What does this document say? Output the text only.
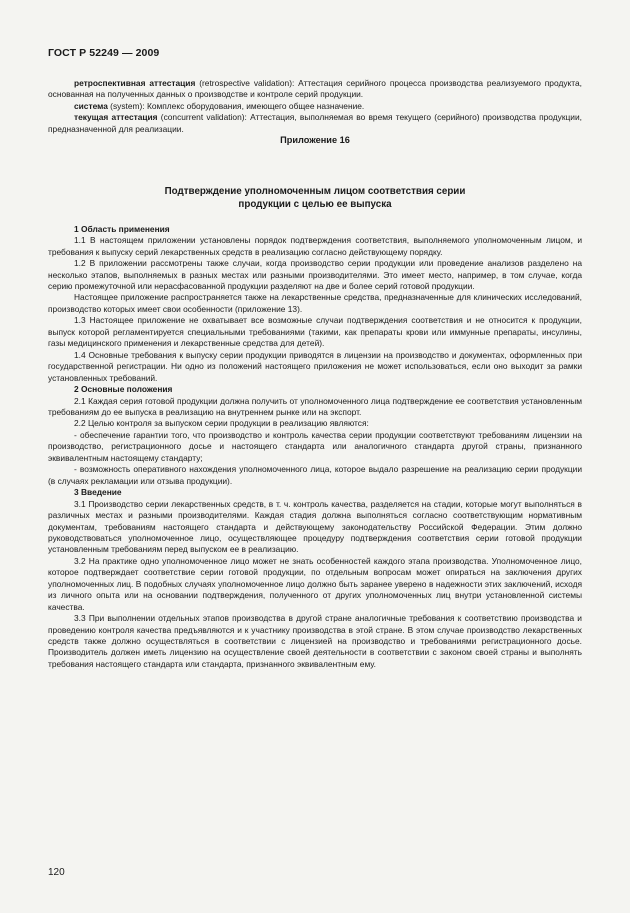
ГОСТ Р 52249 — 2009

ретроспективная аттестация (retrospective validation): Аттестация серийного процесса производства реализуемого продукта, основанная на полученных данных о производстве и контроле серий продукции.

система (system): Комплекс оборудования, имеющего общее назначение.

текущая аттестация (concurrent validation): Аттестация, выполняемая во время текущего (серийного) производства продукции, предназначенной для реализации.

Приложение 16

Подтверждение уполномоченным лицом соответствия серии
продукции с целью ее выпуска

1 Область применения

1.1 В настоящем приложении установлены порядок подтверждения соответствия, выполняемого уполномоченным лицом, и требования к выпуску серий лекарственных средств в реализацию согласно действующему порядку.

1.2 В приложении рассмотрены также случаи, когда производство серии продукции или проведение анализов разделено на несколько этапов, выполняемых в разных местах или разными производителями. Это имеет место, например, в том случае, когда серию промежуточной или нерасфасованной продукции разделяют на две и более серий готовой продукции.

Настоящее приложение распространяется также на лекарственные средства, предназначенные для клинических исследований, производство которых имеет свои особенности (приложение 13).

1.3 Настоящее приложение не охватывает все возможные случаи подтверждения соответствия и не относится к продукции, выпуск которой регламентируется специальными требованиями (такими, как препараты крови или иммунные препараты, инсулины, газы медицинского применения и лекарственные средства для детей).

1.4 Основные требования к выпуску серии продукции приводятся в лицензии на производство и документах, оформленных при государственной регистрации. Ни одно из положений настоящего приложения не может использоваться, если оно выходит за рамки установленных требований.

2 Основные положения

2.1 Каждая серия готовой продукции должна получить от уполномоченного лица подтверждение ее соответствия установленным требованиям до ее выпуска в реализацию на внутреннем рынке или на экспорт.

2.2 Целью контроля за выпуском серии продукции в реализацию являются:

- обеспечение гарантии того, что производство и контроль качества серии продукции соответствуют требованиям лицензии на производство, регистрационного досье и настоящего стандарта или аналогичного стандарта другой страны, признанного эквивалентным настоящему стандарту;

- возможность оперативного нахождения уполномоченного лица, которое выдало разрешение на реализацию серии продукции (в случаях рекламации или отзыва продукции).

3 Введение

3.1 Производство серии лекарственных средств, в т. ч. контроль качества, разделяется на стадии, которые могут выполняться в различных местах и разными производителями. Каждая стадия должна выполняться согласно соответствующим нормативным документам, требованиям настоящего стандарта и действующему законодательству Российской Федерации. Этим должно руководствоваться уполномоченное лицо, осуществляющее процедуру подтверждения соответствия серии готовой продукции установленным требованиям перед выпуском ее в реализацию.

3.2 На практике одно уполномоченное лицо может не знать особенностей каждого этапа производства. Уполномоченное лицо, которое подтверждает соответствие серии готовой продукции, по отдельным вопросам может опираться на заключения других уполномоченных лиц. В подобных случаях уполномоченное лицо должно быть заранее уверено в надежности этих заключений, исходя из личного опыта или на основании подтверждения, полученного от других уполномоченных лиц внутри установленной системы качества.

3.3 При выполнении отдельных этапов производства в другой стране аналогичные требования к соответствию производства и проведению контроля качества предъявляются и к участнику производства в этой стране. В этом случае производство лекарственных средств также должно осуществляться в соответствии с лицензией на производство и требованиями регистрационного досье. Производитель должен иметь лицензию на осуществление своей деятельности в соответствии с законом своей страны и выполнять требования настоящего стандарта или стандарта, признанного эквивалентным ему.

120
